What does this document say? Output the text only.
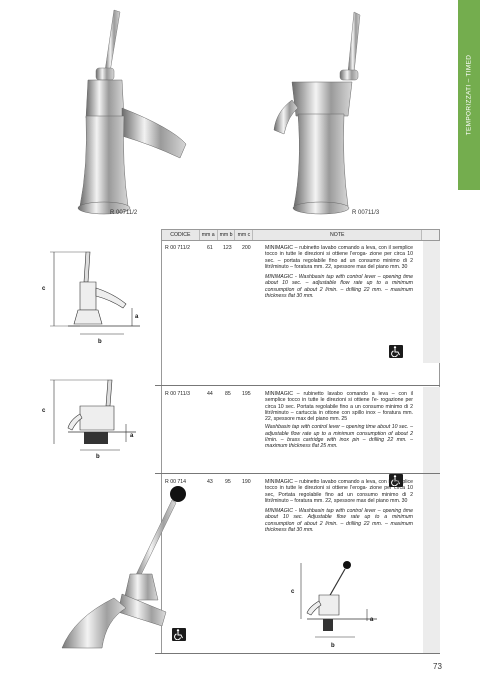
TEMPORIZZATI – TIMED
R 00711/2	R 00711/3
CODICE	mm a mm b mm c	NOTE
R 00 711/2	61 123 200	MINIMAGIC – rubinetto lavabo comando a leva, con il semplice tocco in tutte le direzioni si ottiene l'eroga- zione per circa 10 sec. – portata regolabile fino ad un consumo minimo di 2 litri/minuto – foratura mm. 22, spessore max del piano mm. 30

MINIMAGIC - Washbasin tap with control lever – opening time about 10 sec. – adjustable flow rate up to a minimum consumption of about 2 l/min. – drilling 22 mm. – maximum thickness flat 30 mm.

R 00 711/3	44 85 195	MINIMAGIC – rubinetto lavabo comando a leva – con il semplice tocco in tutte le direzioni si ottiene l'e- rogazione per circa 10 sec. Portata regolabile fino a un consumo minimo di 2 litri/minuto – cartuccia in ottone con spillo inox – foratura mm. 22, spessore max del piano mm. 25

Washbasin tap with control lever – opening time about 10 sec. – adjustable flow rate up to a minimum consumption of about 2 l/min. – brass cartridge with inox pin – drilling 22 mm. – maximum thickness flat 25 mm.

R 00 714	43 95 190	MINIMAGIC – rubinetto lavabo comando a leva, con il semplice tocco in tutte le direzioni si ottiene l'eroga- zione per circa 10 sec, Portata regolabile fino ad un consumo minimo di 2 litri/minuto – foratura mm. 22, spessore max del piano mm. 30

MINIMAGIC - Washbasin tap with control lever – opening time about 10 sec. Adjustable flow rate up to a minimum consumption of about 2 l/min. – drilling 22 mm. – maximum thickness flat 30 mm.

c
a
b
c
a
b
c
a
b
73
